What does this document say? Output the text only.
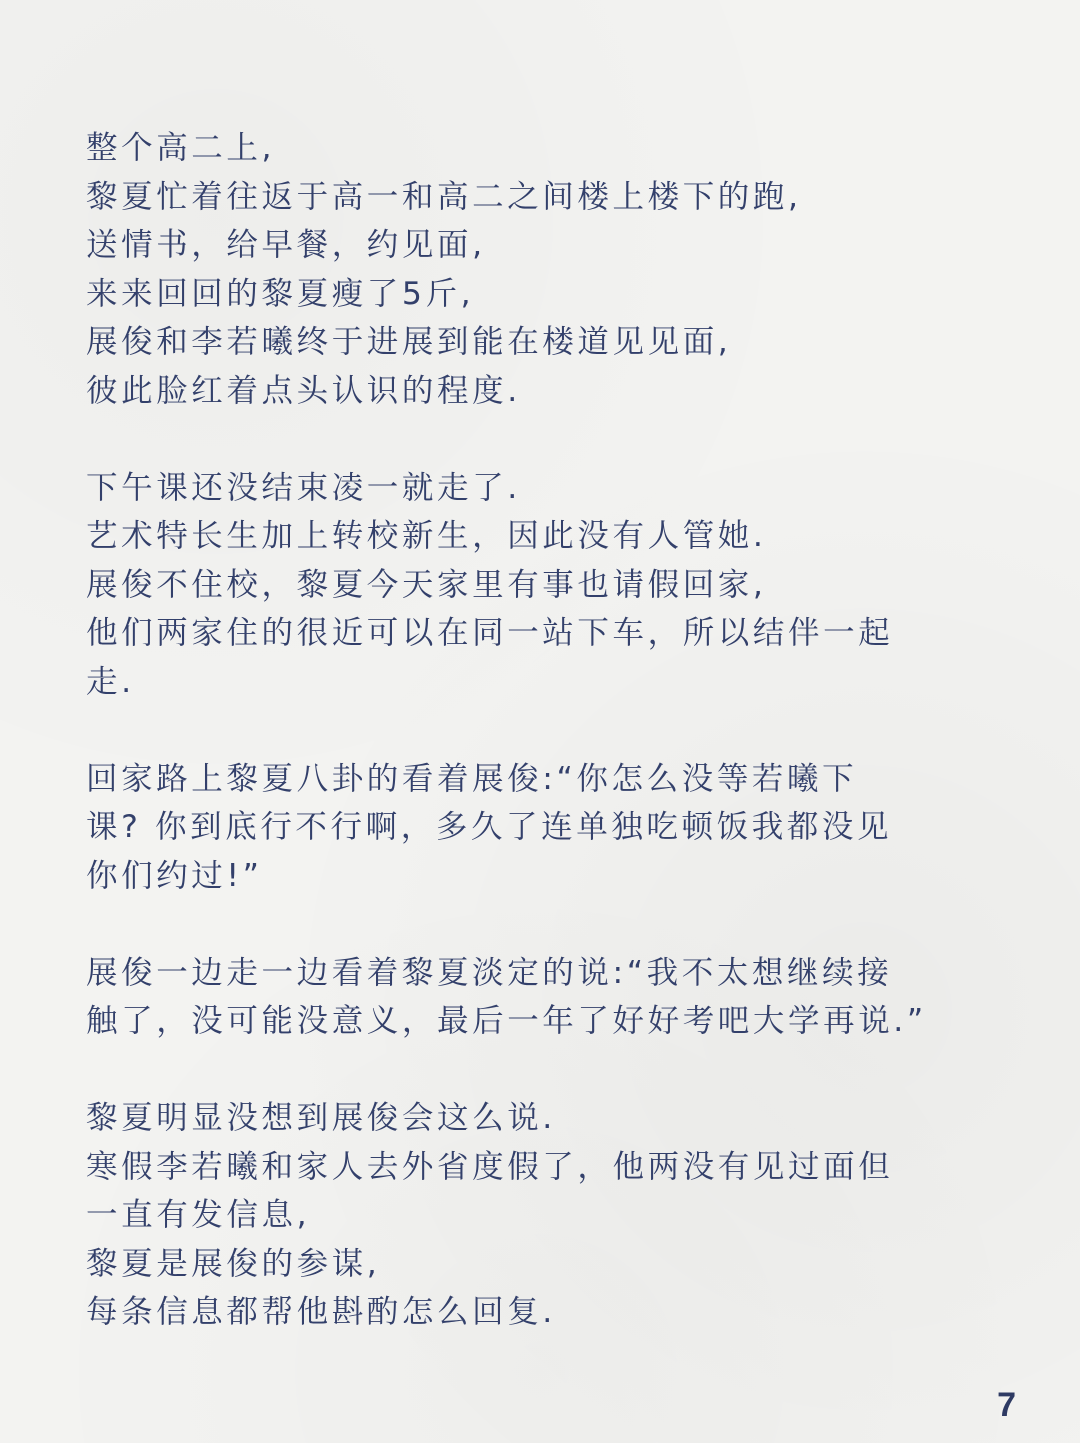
整个高二上,
黎夏忙着往返于高一和高二之间楼上楼下的跑,
送情书，给早餐，约见面,
来来回回的黎夏瘦了5斤,
展俊和李若曦终于进展到能在楼道见见面,
彼此脸红着点头认识的程度.
下午课还没结束凌一就走了.
艺术特长生加上转校新生，因此没有人管她.
展俊不住校，黎夏今天家里有事也请假回家,
他们两家住的很近可以在同一站下车，所以结伴一起
走.
回家路上黎夏八卦的看着展俊:“你怎么没等若曦下
课? 你到底行不行啊，多久了连单独吃顿饭我都没见
你们约过!”
展俊一边走一边看着黎夏淡定的说:“我不太想继续接
触了，没可能没意义，最后一年了好好考吧大学再说.”
黎夏明显没想到展俊会这么说.
寒假李若曦和家人去外省度假了，他两没有见过面但
一直有发信息,
黎夏是展俊的参谋,
每条信息都帮他斟酌怎么回复.
7
